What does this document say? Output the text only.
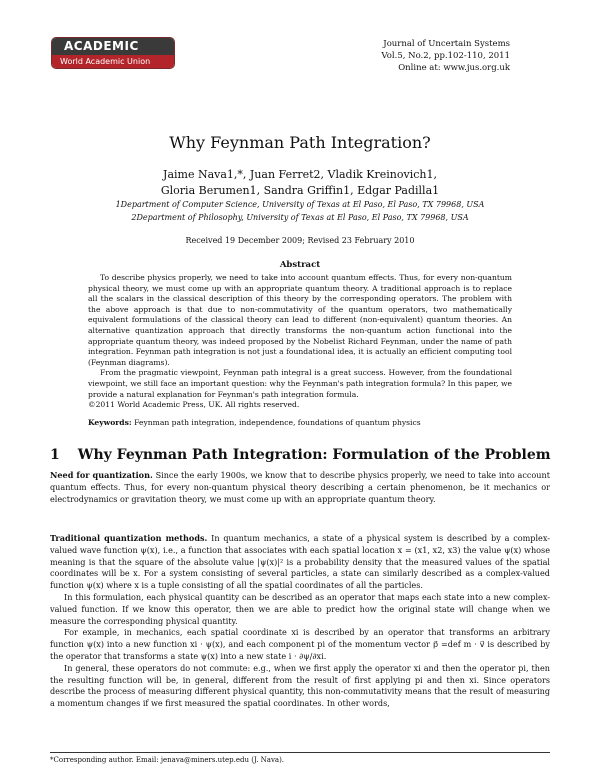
ACADEMIC
World Academic Union
Journal of Uncertain Systems
Vol.5, No.2, pp.102-110, 2011
Online at: www.jus.org.uk
Why Feynman Path Integration?
Jaime Nava1,*, Juan Ferret2, Vladik Kreinovich1,
Gloria Berumen1, Sandra Griffin1, Edgar Padilla1
1Department of Computer Science, University of Texas at El Paso, El Paso, TX 79968, USA
2Department of Philosophy, University of Texas at El Paso, El Paso, TX 79968, USA
Received 19 December 2009; Revised 23 February 2010
Abstract

To describe physics properly, we need to take into account quantum effects. Thus, for every non-quantum physical theory, we must come up with an appropriate quantum theory. A traditional approach is to replace all the scalars in the classical description of this theory by the corresponding operators. The problem with the above approach is that due to non-commutativity of the quantum operators, two mathematically equivalent formulations of the classical theory can lead to different (non-equivalent) quantum theories. An alternative quantization approach that directly transforms the non-quantum action functional into the appropriate quantum theory, was indeed proposed by the Nobelist Richard Feynman, under the name of path integration. Feynman path integration is not just a foundational idea, it is actually an efficient computing tool (Feynman diagrams).

From the pragmatic viewpoint, Feynman path integral is a great success. However, from the foundational viewpoint, we still face an important question: why the Feynman's path integration formula? In this paper, we provide a natural explanation for Feynman's path integration formula.

©2011 World Academic Press, UK. All rights reserved.

Keywords: Feynman path integration, independence, foundations of quantum physics
1 Why Feynman Path Integration: Formulation of the Problem

Need for quantization. Since the early 1900s, we know that to describe physics properly, we need to take into account quantum effects. Thus, for every non-quantum physical theory describing a certain phenomenon, be it mechanics or electrodynamics or gravitation theory, we must come up with an appropriate quantum theory.

Traditional quantization methods. In quantum mechanics, a state of a physical system is described by a complex-valued wave function ψ(x), i.e., a function that associates with each spatial location x = (x1, x2, x3) the value ψ(x) whose meaning is that the square of the absolute value |ψ(x)|² is a probability density that the measured values of the spatial coordinates will be x. For a system consisting of several particles, a state can similarly described as a complex-valued function ψ(x) where x is a tuple consisting of all the spatial coordinates of all the particles.

In this formulation, each physical quantity can be described as an operator that maps each state into a new complex-valued function. If we know this operator, then we are able to predict how the original state will change when we measure the corresponding physical quantity.

For example, in mechanics, each spatial coordinate xi is described by an operator that transforms an arbitrary function ψ(x) into a new function xi · ψ(x), and each component pi of the momentum vector p⃗ =def m · v⃗ is described by the operator that transforms a state ψ(x) into a new state i · ∂ψ/∂xi.

In general, these operators do not commute: e.g., when we first apply the operator xi and then the operator pi, then the resulting function will be, in general, different from the result of first applying pi and then xi. Since operators describe the process of measuring different physical quantity, this non-commutativity means that the result of measuring a momentum changes if we first measured the spatial coordinates. In other words,

*Corresponding author. Email: jenava@miners.utep.edu (J. Nava).
